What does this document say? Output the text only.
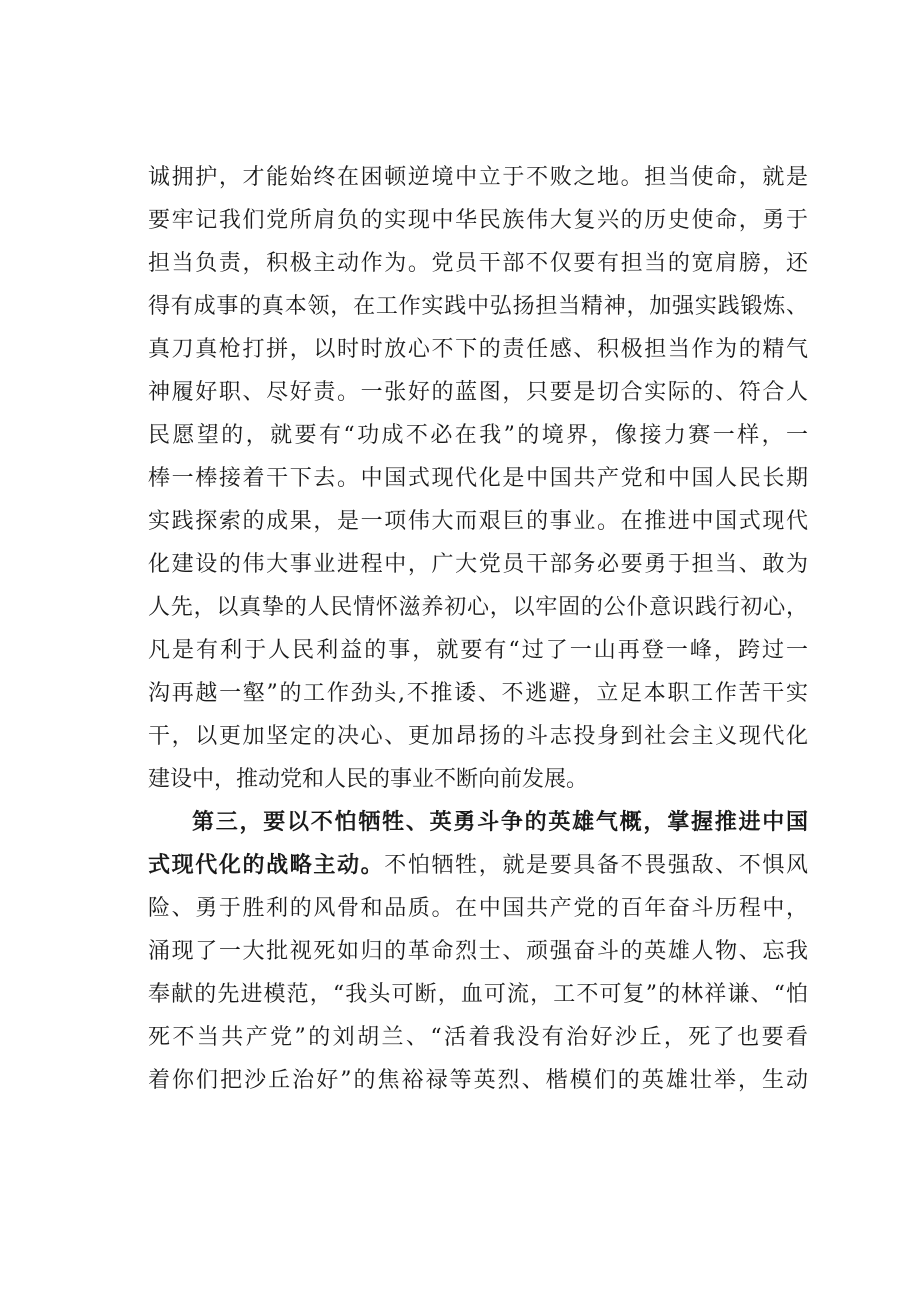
诚拥护，才能始终在困顿逆境中立于不败之地。担当使命，就是
要牢记我们党所肩负的实现中华民族伟大复兴的历史使命，勇于
担当负责，积极主动作为。党员干部不仅要有担当的宽肩膀，还
得有成事的真本领，在工作实践中弘扬担当精神，加强实践锻炼、
真刀真枪打拼，以时时放心不下的责任感、积极担当作为的精气
神履好职、尽好责。一张好的蓝图，只要是切合实际的、符合人
民愿望的，就要有“功成不必在我”的境界，像接力赛一样，一
棒一棒接着干下去。中国式现代化是中国共产党和中国人民长期
实践探索的成果，是一项伟大而艰巨的事业。在推进中国式现代
化建设的伟大事业进程中，广大党员干部务必要勇于担当、敢为
人先，以真挚的人民情怀滋养初心，以牢固的公仆意识践行初心，
凡是有利于人民利益的事，就要有“过了一山再登一峰，跨过一
沟再越一壑”的工作劲头,不推诿、不逃避，立足本职工作苦干实
干，以更加坚定的决心、更加昂扬的斗志投身到社会主义现代化
建设中，推动党和人民的事业不断向前发展。
第三，要以不怕牺牲、英勇斗争的英雄气概，掌握推进中国
式现代化的战略主动。不怕牺牲，就是要具备不畏强敌、不惧风
险、勇于胜利的风骨和品质。在中国共产党的百年奋斗历程中，
涌现了一大批视死如归的革命烈士、顽强奋斗的英雄人物、忘我
奉献的先进模范，“我头可断，血可流，工不可复”的林祥谦、“怕
死不当共产党”的刘胡兰、“活着我没有治好沙丘，死了也要看
着你们把沙丘治好”的焦裕禄等英烈、楷模们的英雄壮举，生动
